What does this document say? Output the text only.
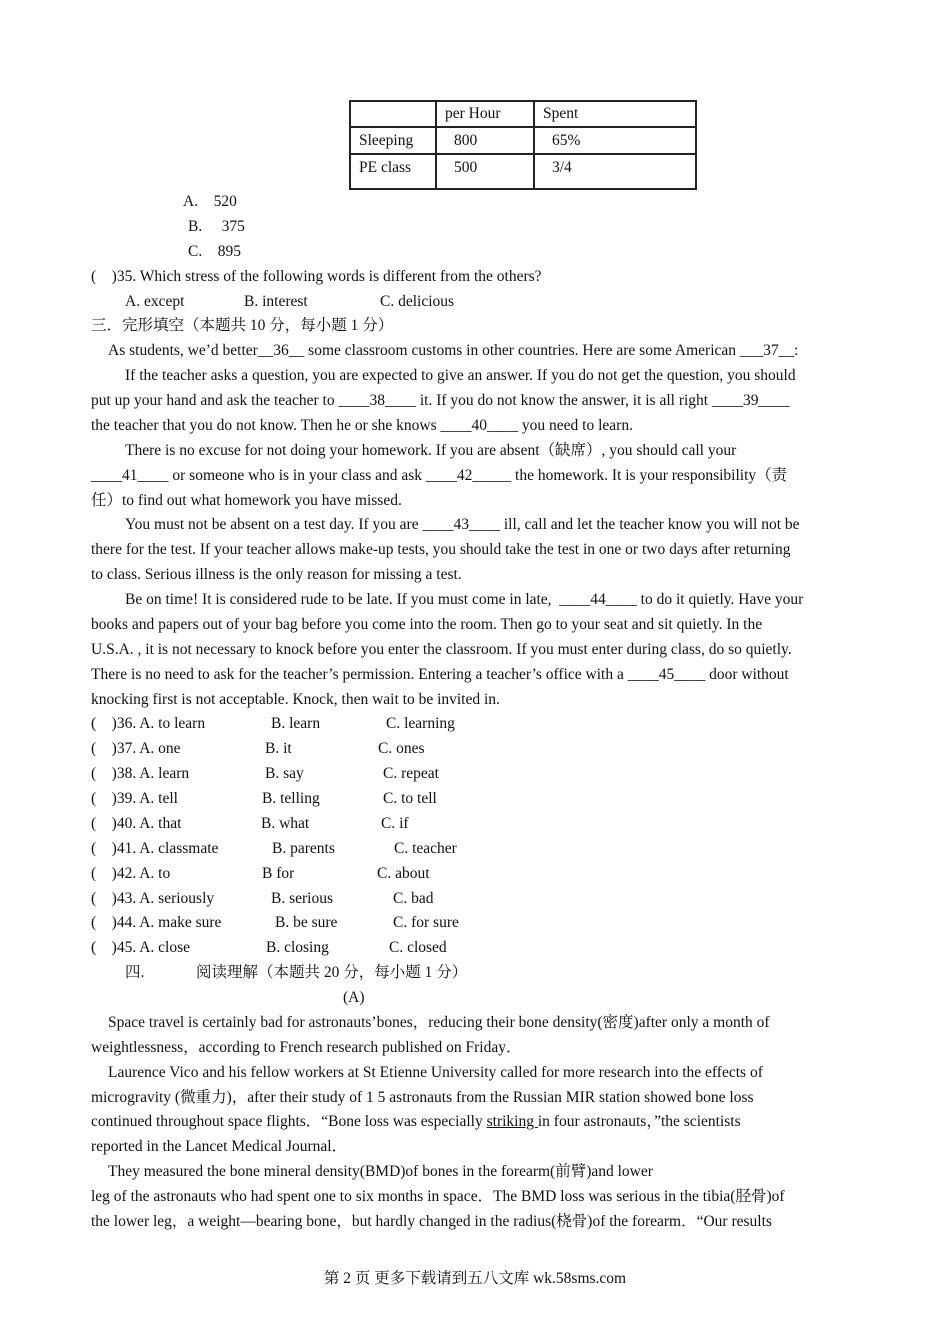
	per Hour	Spent
Sleeping	800	65%
PE class	500	3/4
A.    520
B.     375
C.    895
(    )35. Which stress of the following words is different from the others?
A. except	B. interest	C. delicious
三．完形填空（本题共 10 分，每小题 1 分）
As students, we’d better__36__ some classroom customs in other countries. Here are some American ___37__:
If the teacher asks a question, you are expected to give an answer. If you do not get the question, you should
put up your hand and ask the teacher to ____38____ it. If you do not know the answer, it is all right ____39____
the teacher that you do not know. Then he or she knows ____40____ you need to learn.
There is no excuse for not doing your homework. If you are absent（缺席）, you should call your
____41____ or someone who is in your class and ask ____42_____ the homework. It is your responsibility（责
任）to find out what homework you have missed.
You must not be absent on a test day. If you are ____43____ ill, call and let the teacher know you will not be
there for the test. If your teacher allows make-up tests, you should take the test in one or two days after returning
to class. Serious illness is the only reason for missing a test.
Be on time! It is considered rude to be late. If you must come in late,  ____44____ to do it quietly. Have your
books and papers out of your bag before you come into the room. Then go to your seat and sit quietly. In the
U.S.A. , it is not necessary to knock before you enter the classroom. If you must enter during class, do so quietly.
There is no need to ask for the teacher’s permission. Entering a teacher’s office with a ____45____ door without
knocking first is not acceptable. Knock, then wait to be invited in.
(    )36. A. to learn	B. learn	C. learning
(    )37. A. one	B. it	C. ones
(    )38. A. learn	B. say	C. repeat
(    )39. A. tell	B. telling	C. to tell
(    )40. A. that	B. what	C. if
(    )41. A. classmate	B. parents	C. teacher
(    )42. A. to	B for	C. about
(    )43. A. seriously	B. serious	C. bad
(    )44. A. make sure	B. be sure	C. for sure
(    )45. A. close	B. closing	C. closed
四.	阅读理解（本题共 20 分，每小题 1 分）
(A)
Space travel is certainly bad for astronauts’bones，reducing their bone density(密度)after only a month of
weightlessness，according to French research published on Friday．
Laurence Vico and his fellow workers at St Etienne University called for more research into the effects of
microgravity (微重力)，after their study of 1 5 astronauts from the Russian MIR station showed bone loss
continued throughout space flights．“Bone loss was especially striking in four astronauts，”the scientists
reported in the Lancet Medical Journal．
They measured the bone mineral density(BMD)of bones in the forearm(前臂)and lower
leg of the astronauts who had spent one to six months in space．The BMD loss was serious in the tibia(胫骨)of
the lower leg，a weight—bearing bone，but hardly changed in the radius(桡骨)of the forearm．“Our results
第 2 页 更多下载请到五八文库 wk.58sms.com
